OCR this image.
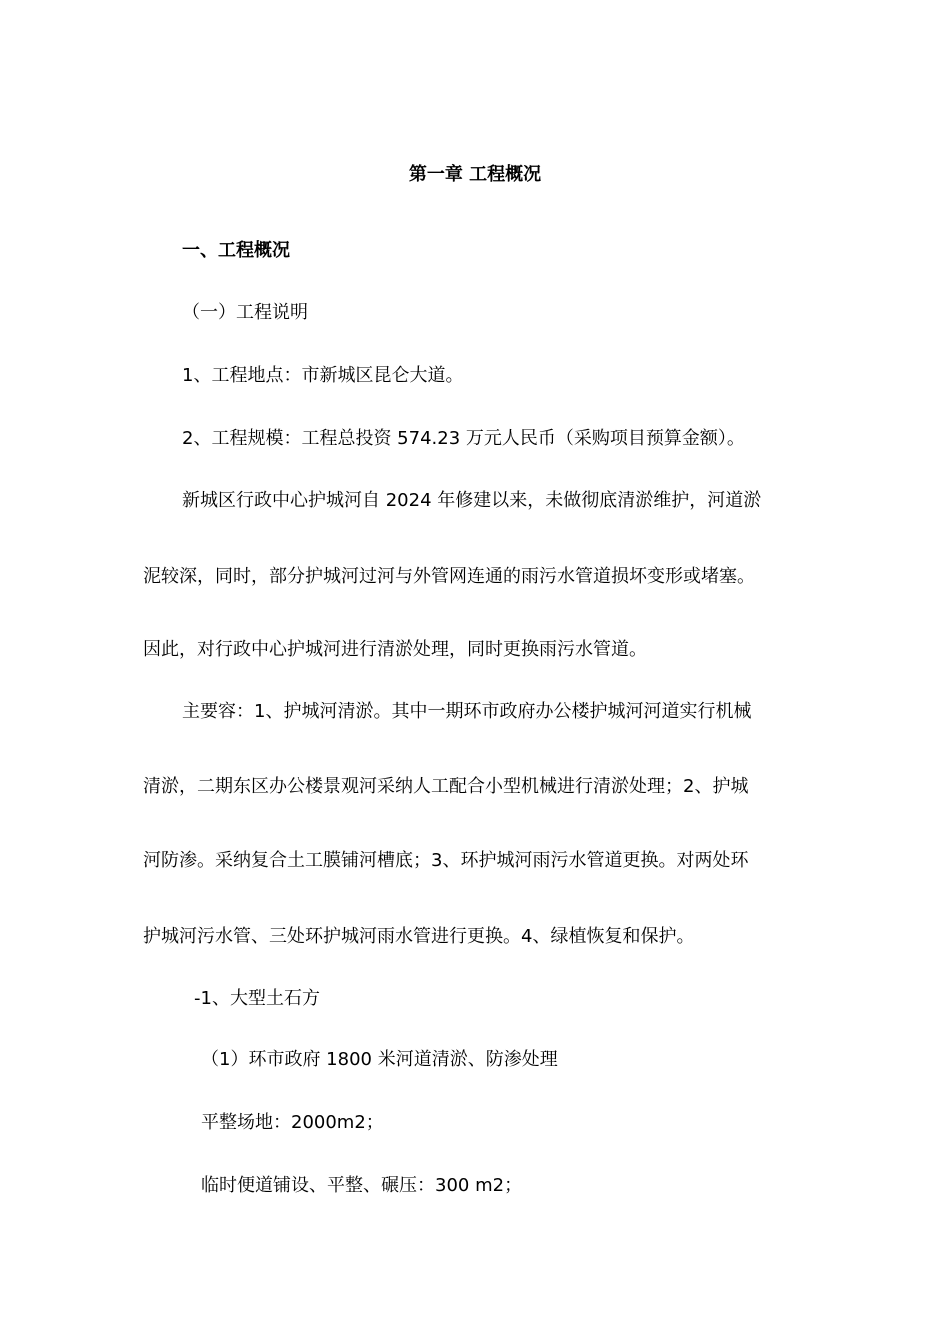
第一章 工程概况
一、工程概况
（一）工程说明
1、工程地点：市新城区昆仑大道。
2、工程规模：工程总投资 574.23 万元人民币（采购项目预算金额）。
新城区行政中心护城河自 2024 年修建以来，未做彻底清淤维护，河道淤
泥较深，同时，部分护城河过河与外管网连通的雨污水管道损坏变形或堵塞。
因此，对行政中心护城河进行清淤处理，同时更换雨污水管道。
主要容：1、护城河清淤。其中一期环市政府办公楼护城河河道实行机械
清淤，二期东区办公楼景观河采纳人工配合小型机械进行清淤处理；2、护城
河防渗。采纳复合土工膜铺河槽底；3、环护城河雨污水管道更换。对两处环
护城河污水管、三处环护城河雨水管进行更换。4、绿植恢复和保护。
-1、大型土石方
（1）环市政府 1800 米河道清淤、防渗处理
平整场地：2000m2；
临时便道铺设、平整、碾压：300 m2；
